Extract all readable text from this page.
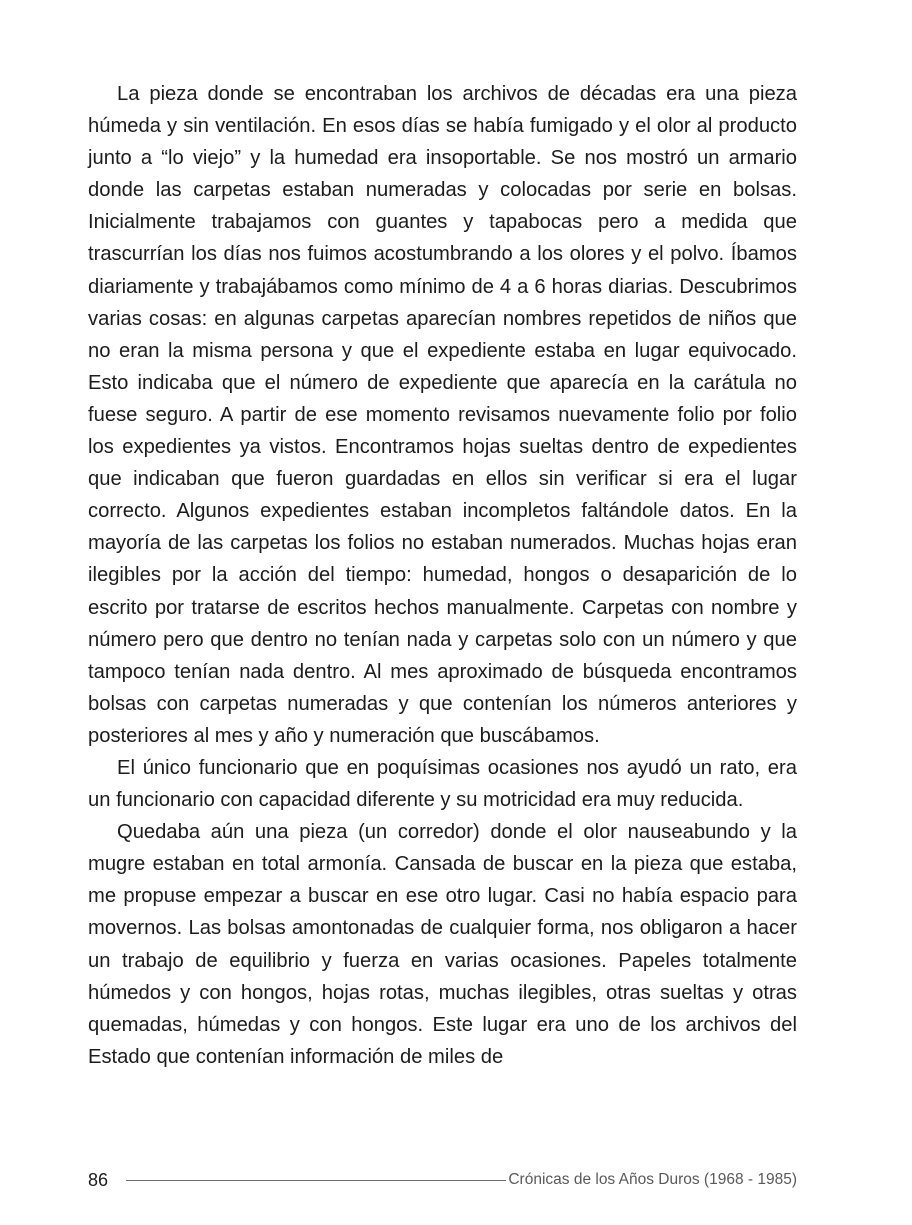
La pieza donde se encontraban los archivos de décadas era una pieza húmeda y sin ventilación. En esos días se había fumigado y el olor al producto junto a “lo viejo” y la humedad era insoportable. Se nos mostró un armario donde las carpetas estaban numeradas y colocadas por serie en bolsas. Inicialmente trabajamos con guantes y tapabocas pero a medida que trascurrían los días nos fuimos acostumbrando a los olores y el polvo. Íbamos diariamente y trabajábamos como mínimo de 4 a 6 horas diarias. Descubrimos varias cosas: en algunas carpetas aparecían nombres repetidos de niños que no eran la misma persona y que el expediente estaba en lugar equivocado. Esto indicaba que el número de expediente que aparecía en la carátula no fuese seguro. A partir de ese momento revisamos nuevamente folio por folio los expedientes ya vistos. Encontramos hojas sueltas dentro de expedientes que indicaban que fueron guardadas en ellos sin verificar si era el lugar correcto. Algunos expedientes estaban incompletos faltándole datos. En la mayoría de las carpetas los folios no estaban numerados. Muchas hojas eran ilegibles por la acción del tiempo: humedad, hongos o desaparición de lo escrito por tratarse de escritos hechos manualmente. Carpetas con nombre y número pero que dentro no tenían nada y carpetas solo con un número y que tampoco tenían nada dentro. Al mes aproximado de búsqueda encontramos bolsas con carpetas numeradas y que contenían los números anteriores y posteriores al mes y año y numeración que buscábamos.

El único funcionario que en poquísimas ocasiones nos ayudó un rato, era un funcionario con capacidad diferente y su motricidad era muy reducida.

Quedaba aún una pieza (un corredor) donde el olor nauseabundo y la mugre estaban en total armonía. Cansada de buscar en la pieza que estaba, me propuse empezar a buscar en ese otro lugar. Casi no había espacio para movernos. Las bolsas amontonadas de cualquier forma, nos obligaron a hacer un trabajo de equilibrio y fuerza en varias ocasiones. Papeles totalmente húmedos y con hongos, hojas rotas, muchas ilegibles, otras sueltas y otras quemadas, húmedas y con hongos. Este lugar era uno de los archivos del Estado que contenían información de miles de

86	Crónicas de los Años Duros (1968 - 1985)
